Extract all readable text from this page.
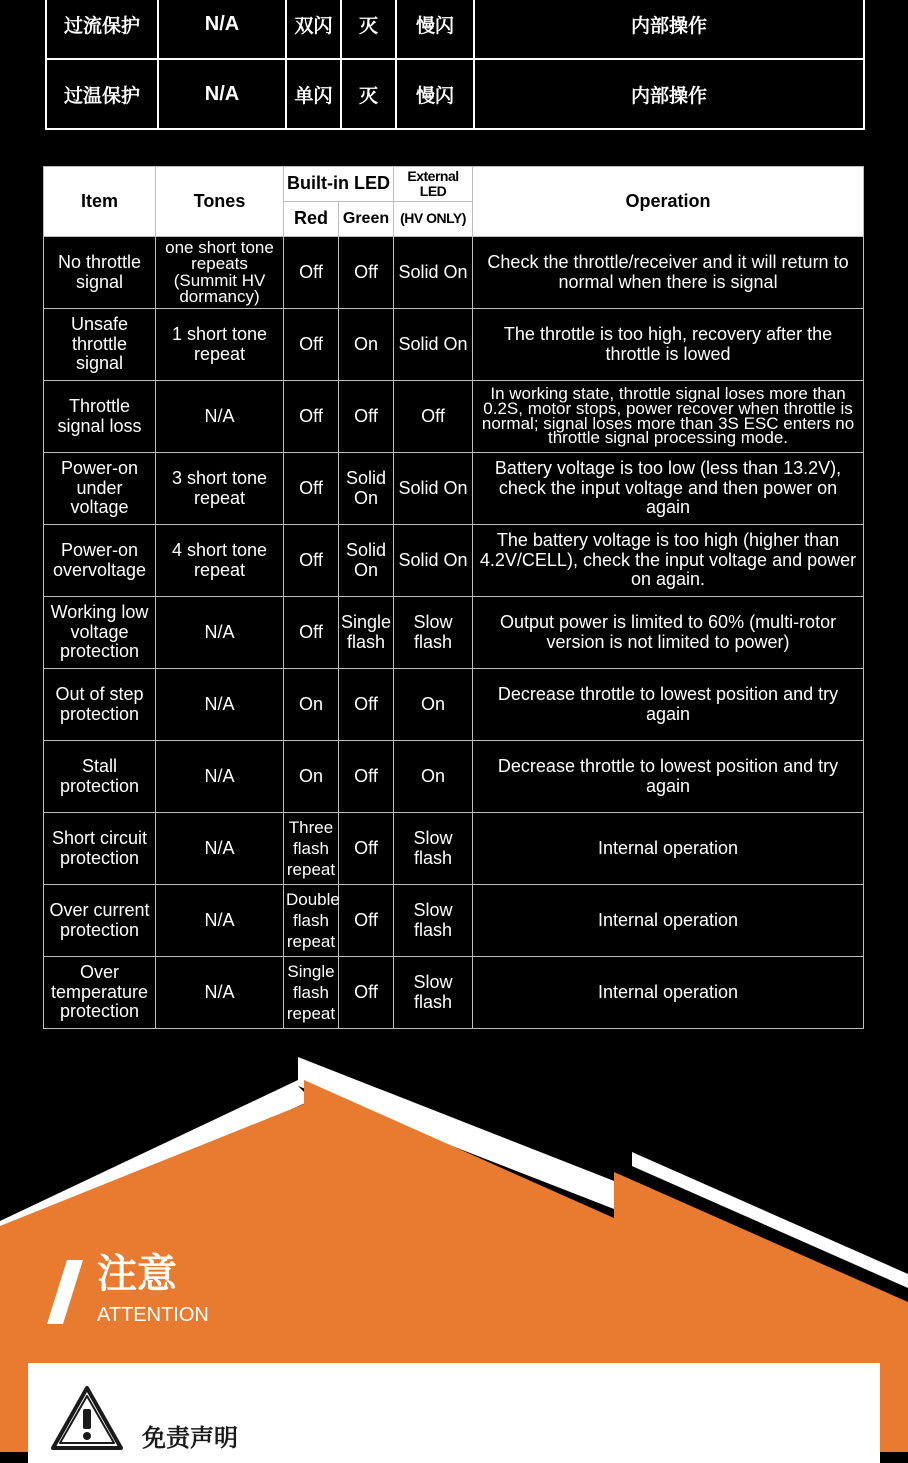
过流保护	N/A	双闪	灭	慢闪	内部操作
过温保护	N/A	单闪	灭	慢闪	内部操作
Item	Tones	Built-in LED		External LED	Operation
		Red	Green	(HV ONLY)	
No throttle signal	one short tone repeats (Summit HV dormancy)	Off	Off	Solid On	Check the throttle/receiver and it will return to normal when there is signal
Unsafe throttle signal	1 short tone repeat	Off	On	Solid On	The throttle is too high, recovery after the throttle is lowed
Throttle signal loss	N/A	Off	Off	Off	In working state, throttle signal loses more than 0.2S, motor stops, power recover when throttle is normal; signal loses more than 3S ESC enters no throttle signal processing mode.
Power-on under voltage	3 short tone repeat	Off	Solid On	Solid On	Battery voltage is too low (less than 13.2V), check the input voltage and then power on again
Power-on overvoltage	4 short tone repeat	Off	Solid On	Solid On	The battery voltage is too high (higher than 4.2V/CELL), check the input voltage and power on again.
Working low voltage protection	N/A	Off	Single flash	Slow flash	Output power is limited to 60% (multi-rotor version is not limited to power)
Out of step protection	N/A	On	Off	On	Decrease throttle to lowest position and try again
Stall protection	N/A	On	Off	On	Decrease throttle to lowest position and try again
Short circuit protection	N/A	Three flash repeat	Off	Slow flash	Internal operation
Over current protection	N/A	Double flash repeat	Off	Slow flash	Internal operation
Over temperature protection	N/A	Single flash repeat	Off	Slow flash	Internal operation
注意
ATTENTION
免责声明
